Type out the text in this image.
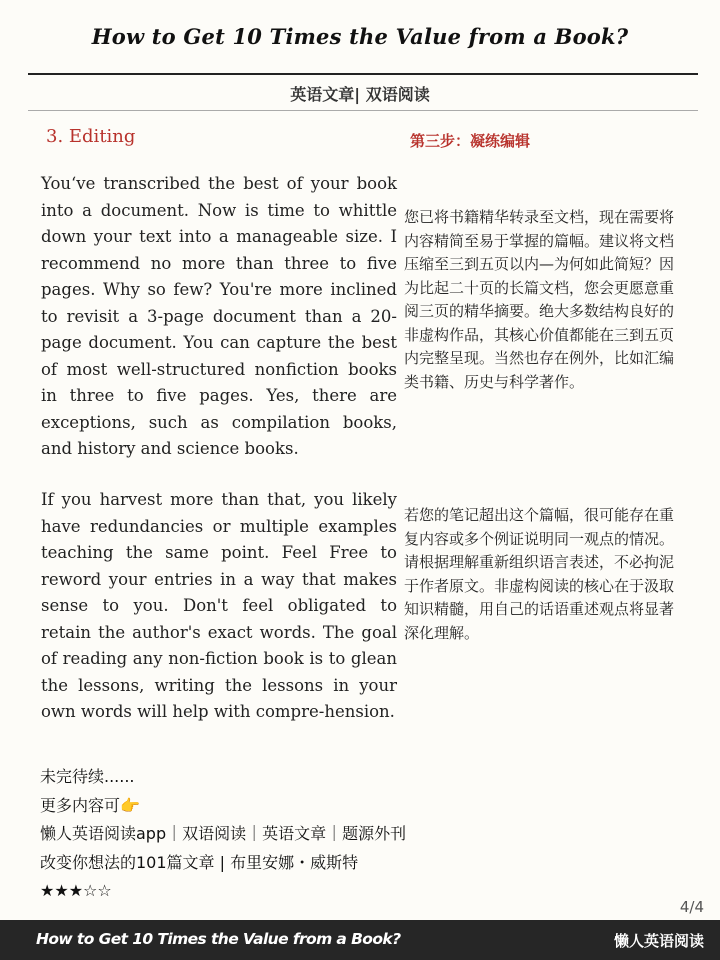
How to Get 10 Times the Value from a Book?
英语文章| 双语阅读
3. Editing	第三步：凝练编辑

You‘ve transcribed the best of your book into a document. Now is time to whittle down your text into a manageable size. I recommend no more than three to five pages. Why so few? You're more inclined to revisit a 3-page document than a 20-page document. You can capture the best of most well-structured nonfiction books in three to five pages. Yes, there are exceptions, such as compilation books, and history and science books.

您已将书籍精华转录至文档，现在需要将内容精简至易于掌握的篇幅。建议将文档压缩至三到五页以内—为何如此简短？因为比起二十页的长篇文档，您会更愿意重阅三页的精华摘要。绝大多数结构良好的非虚构作品，其核心价值都能在三到五页内完整呈现。当然也存在例外，比如汇编类书籍、历史与科学著作。

If you harvest more than that, you likely have redundancies or multiple examples teaching the same point. Feel Free to reword your entries in a way that makes sense to you. Don't feel obligated to retain the author's exact words. The goal of reading any non-fiction book is to glean the lessons, writing the lessons in your own words will help with compre-hension.

若您的笔记超出这个篇幅，很可能存在重复内容或多个例证说明同一观点的情况。请根据理解重新组织语言表述，不必拘泥于作者原文。非虚构阅读的核心在于汲取知识精髓，用自己的话语重述观点将显著深化理解。

未完待续......
更多内容可👉
懒人英语阅读app｜双语阅读｜英语文章｜题源外刊
改变你想法的101篇文章 | 布里安娜・威斯特
★★★☆☆
4/4
How to Get 10 Times the Value from a Book?	懒人英语阅读
